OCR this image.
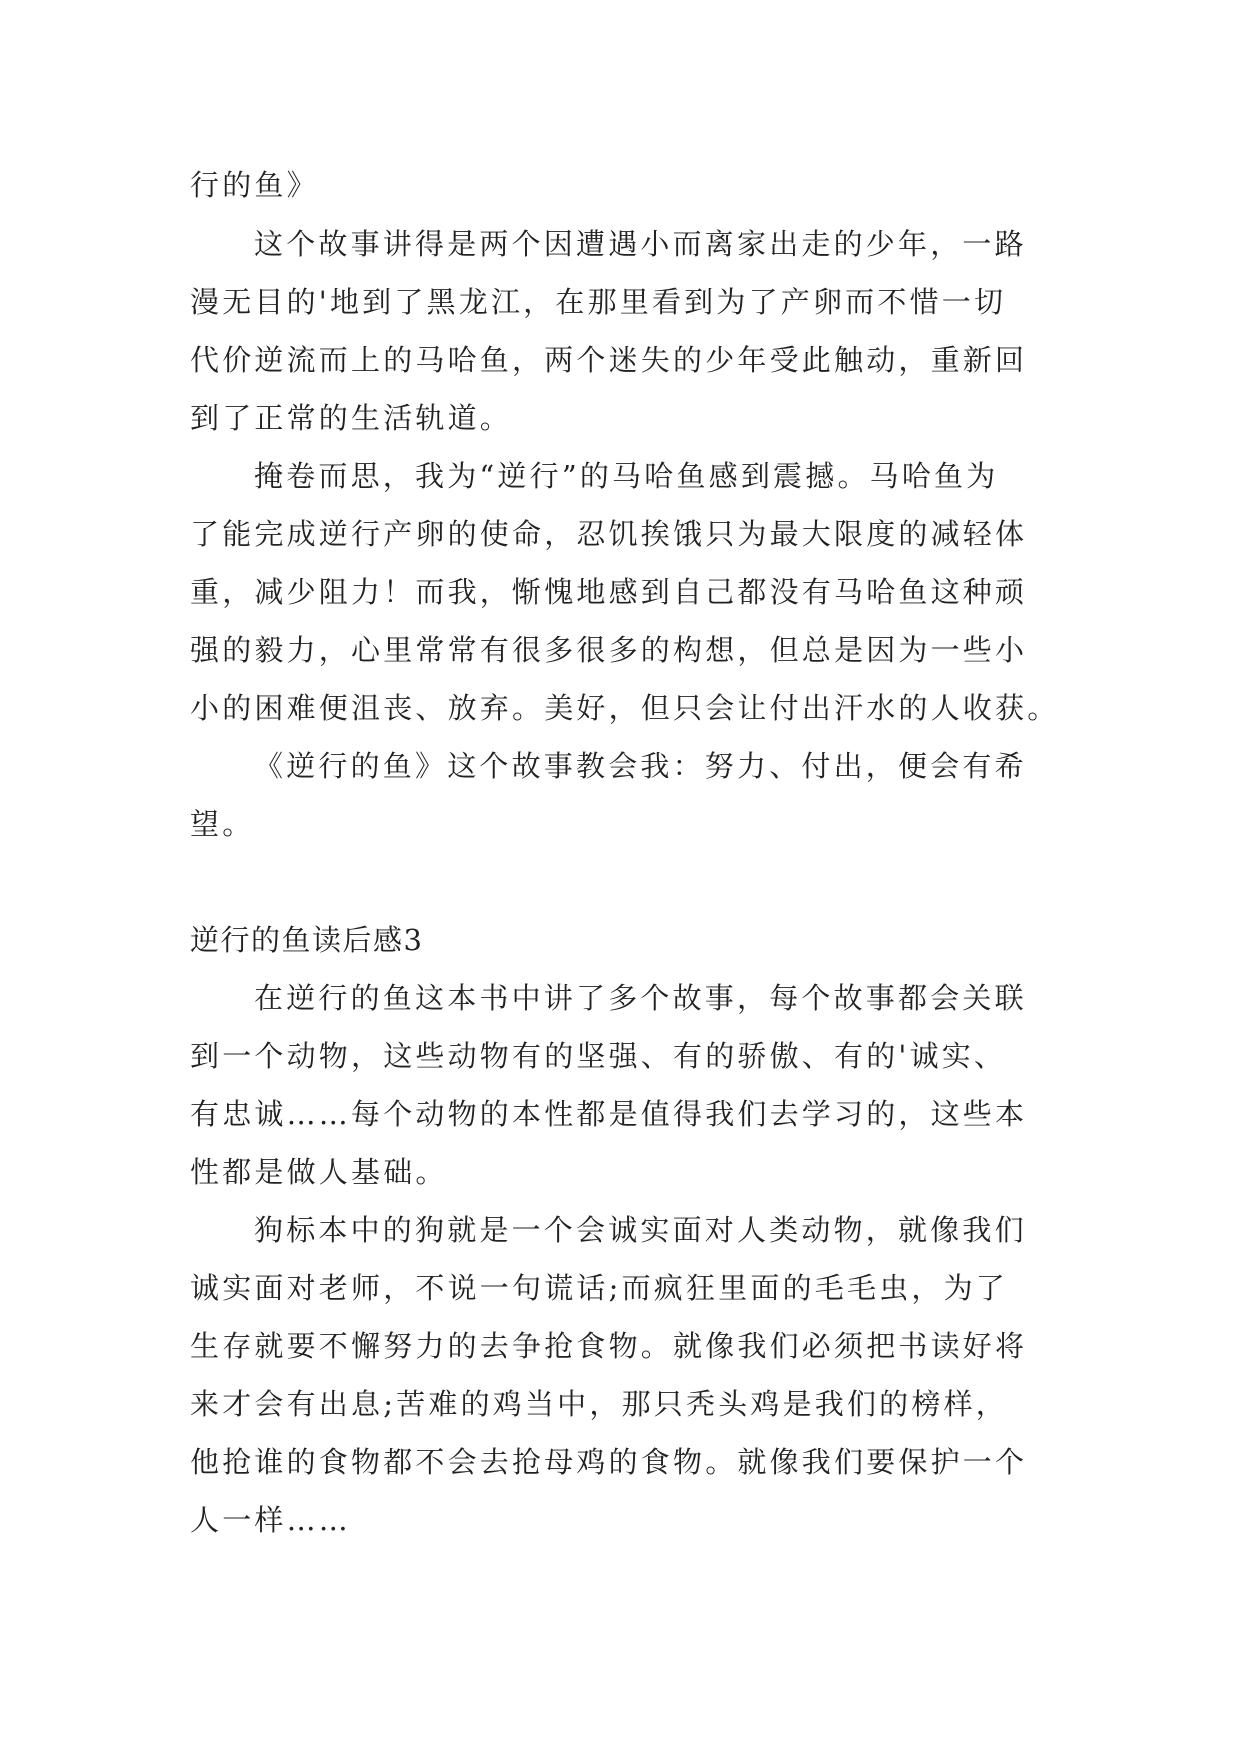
行的鱼》
这个故事讲得是两个因遭遇小而离家出走的少年，一路
漫无目的'地到了黑龙江，在那里看到为了产卵而不惜一切
代价逆流而上的马哈鱼，两个迷失的少年受此触动，重新回
到了正常的生活轨道。
掩卷而思，我为“逆行”的马哈鱼感到震撼。马哈鱼为
了能完成逆行产卵的使命，忍饥挨饿只为最大限度的减轻体
重，减少阻力！而我，惭愧地感到自己都没有马哈鱼这种顽
强的毅力，心里常常有很多很多的构想，但总是因为一些小
小的困难便沮丧、放弃。美好，但只会让付出汗水的人收获。
《逆行的鱼》这个故事教会我：努力、付出，便会有希
望。
逆行的鱼读后感3
在逆行的鱼这本书中讲了多个故事，每个故事都会关联
到一个动物，这些动物有的坚强、有的骄傲、有的'诚实、
有忠诚……每个动物的本性都是值得我们去学习的，这些本
性都是做人基础。
狗标本中的狗就是一个会诚实面对人类动物，就像我们
诚实面对老师，不说一句谎话;而疯狂里面的毛毛虫，为了
生存就要不懈努力的去争抢食物。就像我们必须把书读好将
来才会有出息;苦难的鸡当中，那只秃头鸡是我们的榜样，
他抢谁的食物都不会去抢母鸡的食物。就像我们要保护一个
人一样……
